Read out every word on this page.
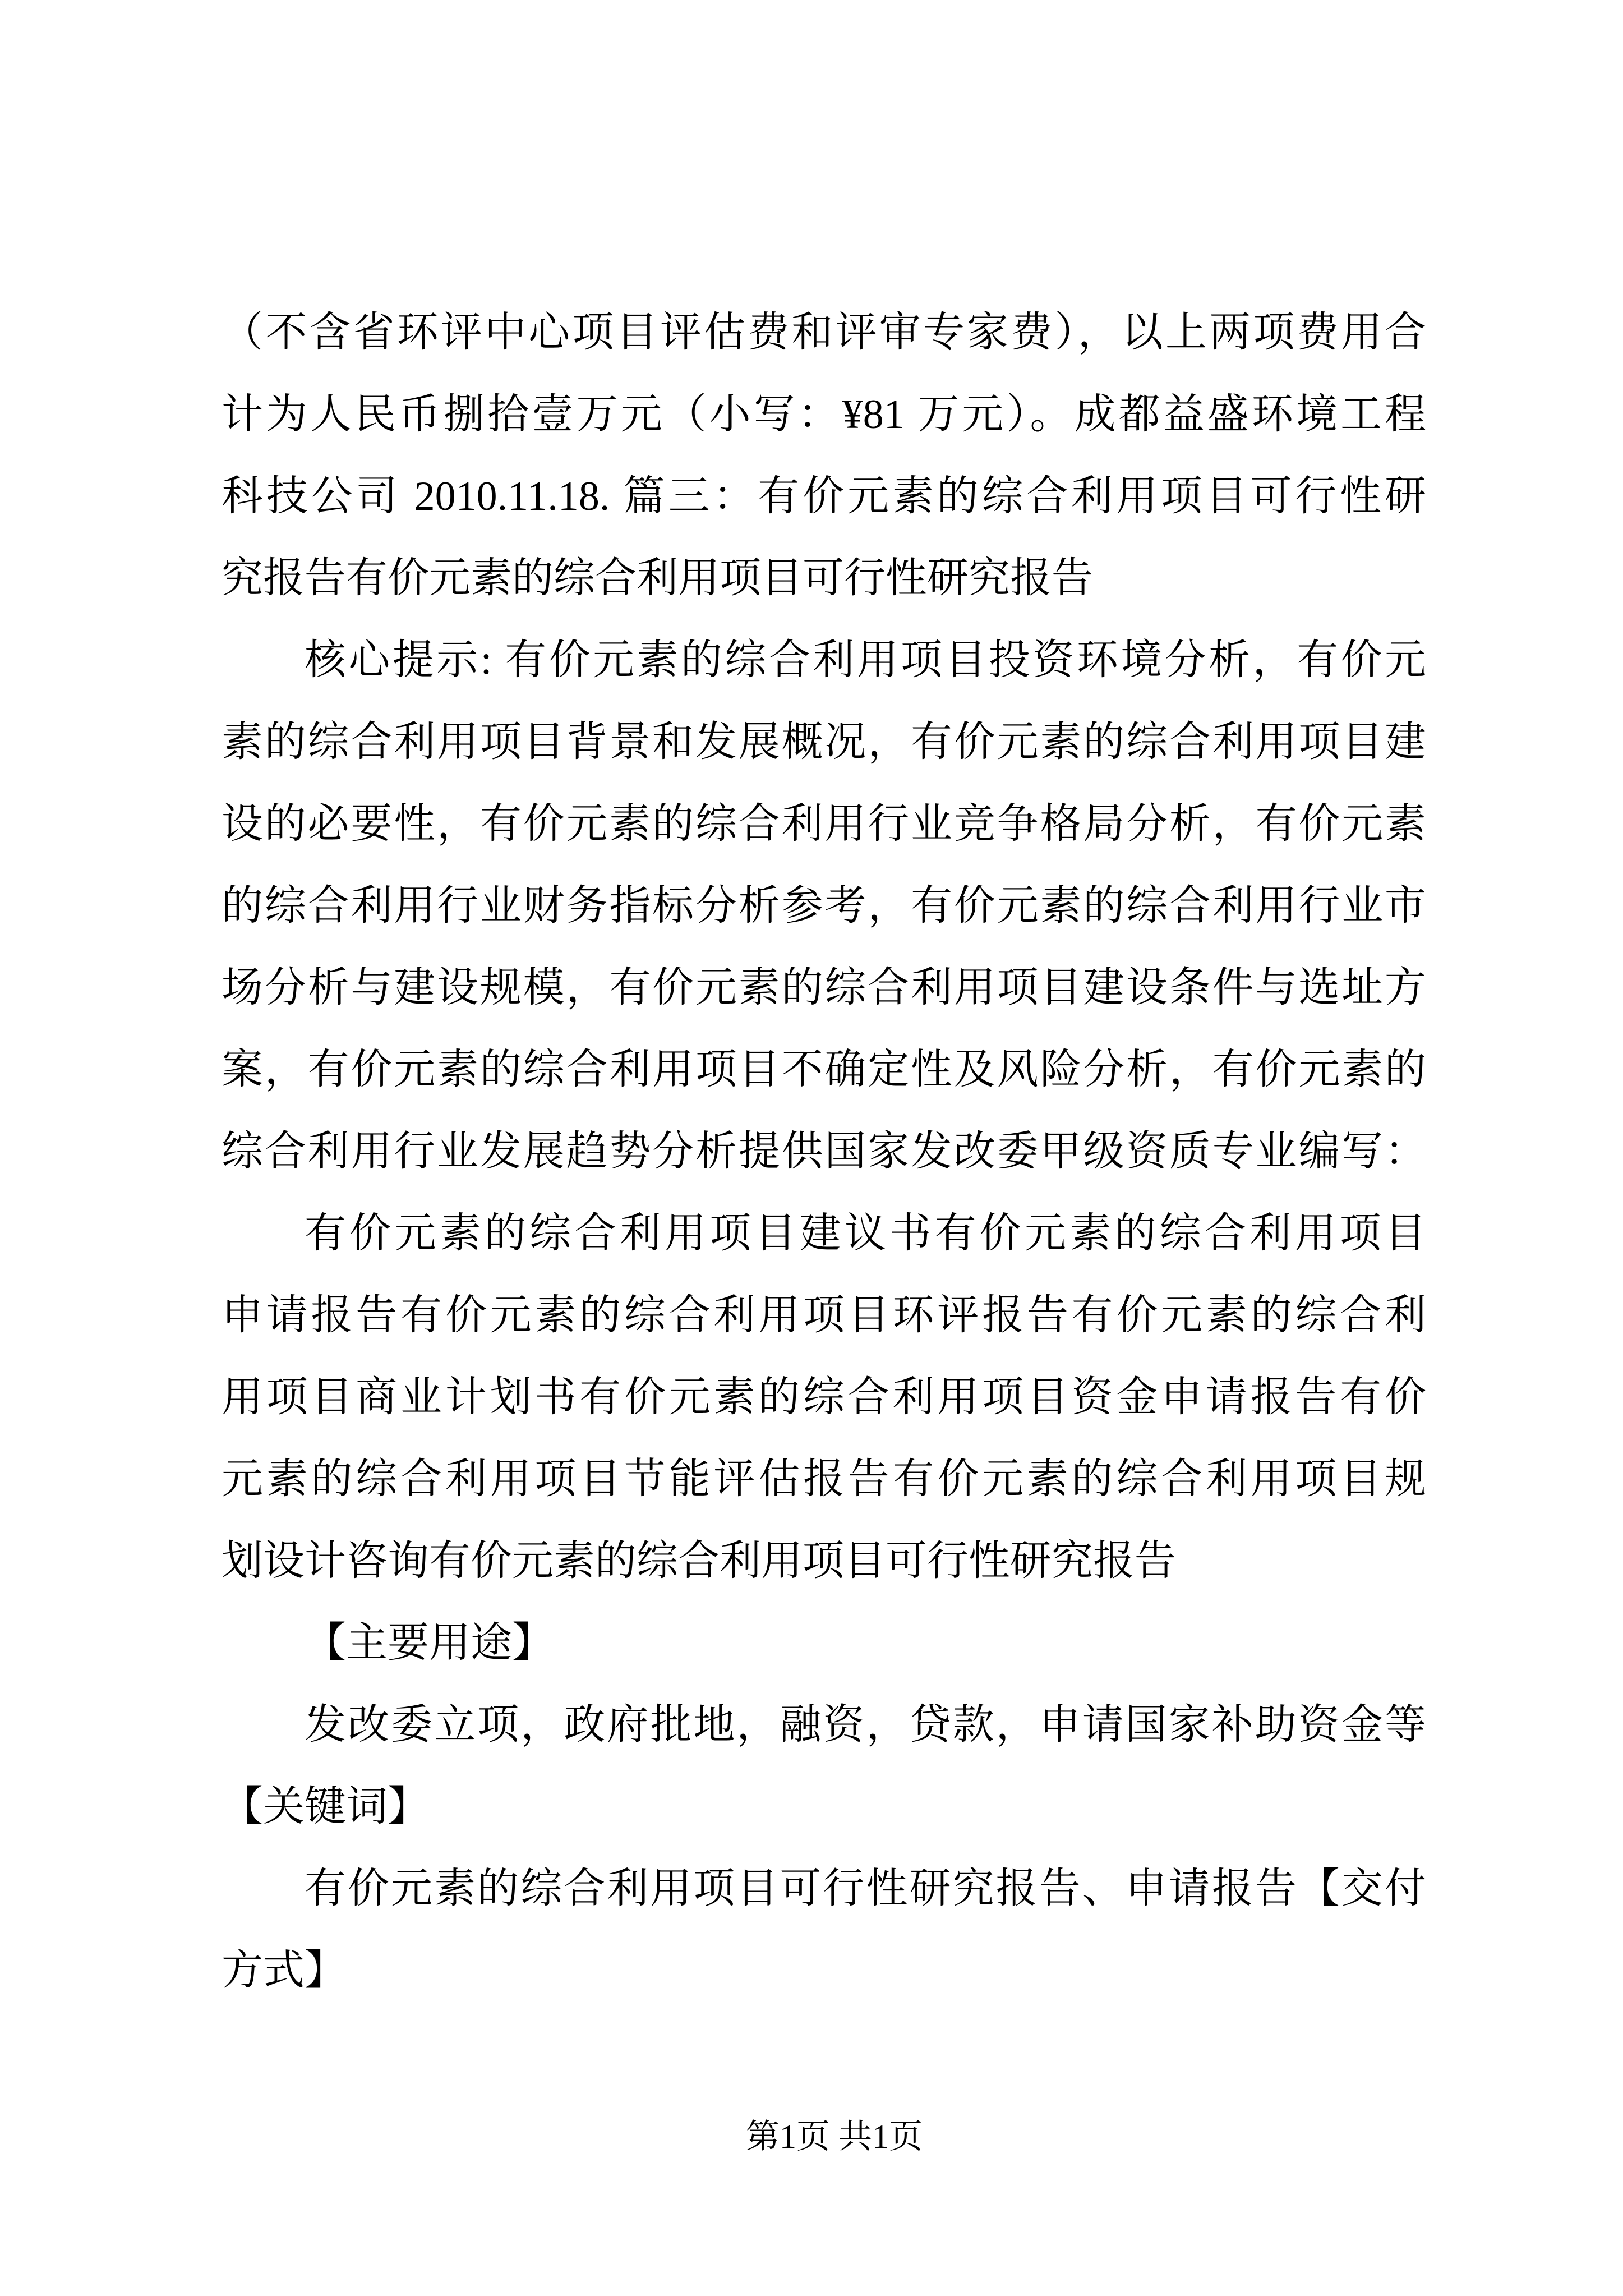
（不含省环评中心项目评估费和评审专家费），以上两项费用合
计为人民币捌拾壹万元（小写：¥81 万元）。成都益盛环境工程
科技公司 2010.11.18. 篇三：有价元素的综合利用项目可行性研
究报告有价元素的综合利用项目可行性研究报告
核心提示: 有价元素的综合利用项目投资环境分析，有价元
素的综合利用项目背景和发展概况，有价元素的综合利用项目建
设的必要性，有价元素的综合利用行业竞争格局分析，有价元素
的综合利用行业财务指标分析参考，有价元素的综合利用行业市
场分析与建设规模，有价元素的综合利用项目建设条件与选址方
案，有价元素的综合利用项目不确定性及风险分析，有价元素的
综合利用行业发展趋势分析提供国家发改委甲级资质专业编写：
有价元素的综合利用项目建议书有价元素的综合利用项目
申请报告有价元素的综合利用项目环评报告有价元素的综合利
用项目商业计划书有价元素的综合利用项目资金申请报告有价
元素的综合利用项目节能评估报告有价元素的综合利用项目规
划设计咨询有价元素的综合利用项目可行性研究报告
【主要用途】
发改委立项，政府批地，融资，贷款，申请国家补助资金等
【关键词】
有价元素的综合利用项目可行性研究报告、申请报告【交付
方式】
第1页 共1页
